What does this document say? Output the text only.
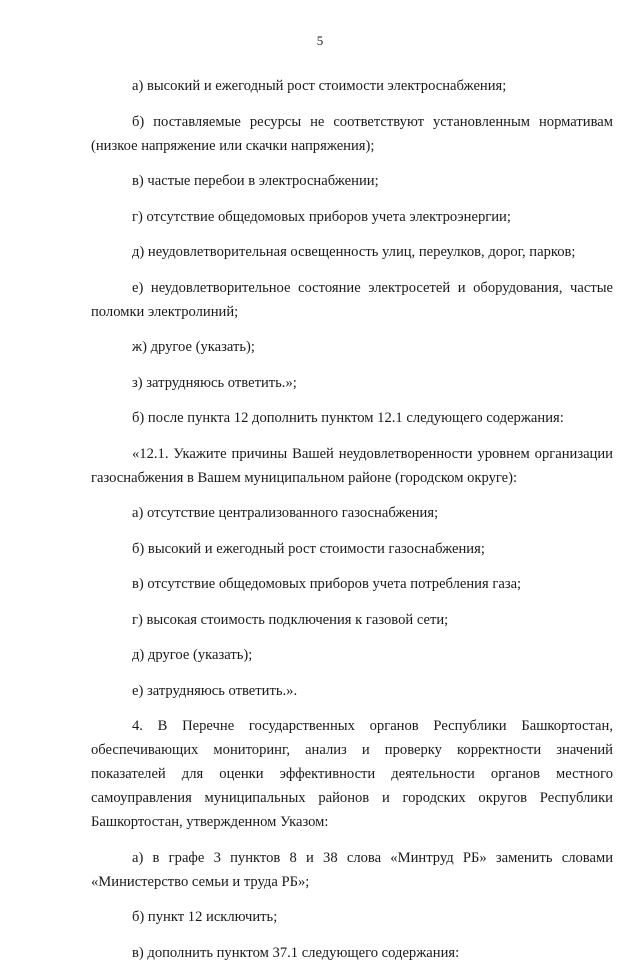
5

а) высокий и ежегодный рост стоимости электроснабжения;

б) поставляемые ресурсы не соответствуют установленным нормативам (низкое напряжение или скачки напряжения);

в) частые перебои в электроснабжении;

г) отсутствие общедомовых приборов учета электроэнергии;

д) неудовлетворительная освещенность улиц, переулков, дорог, парков;

е) неудовлетворительное состояние электросетей и оборудования, частые поломки электролиний;

ж) другое (указать);

з) затрудняюсь ответить.»;

б) после пункта 12 дополнить пунктом 12.1 следующего содержания:

«12.1. Укажите причины Вашей неудовлетворенности уровнем организации газоснабжения в Вашем муниципальном районе (городском округе):

а) отсутствие централизованного газоснабжения;

б) высокий и ежегодный рост стоимости газоснабжения;

в) отсутствие общедомовых приборов учета потребления газа;

г) высокая стоимость подключения к газовой сети;

д) другое (указать);

е) затрудняюсь ответить.».

4. В Перечне государственных органов Республики Башкортостан, обеспечивающих мониторинг, анализ и проверку корректности значений показателей для оценки эффективности деятельности органов местного самоуправления муниципальных районов и городских округов Республики Башкортостан, утвержденном Указом:

а) в графе 3 пунктов 8 и 38 слова «Минтруд РБ» заменить словами «Министерство семьи и труда РБ»;

б) пункт 12 исключить;

в) дополнить пунктом 37.1 следующего содержания:
